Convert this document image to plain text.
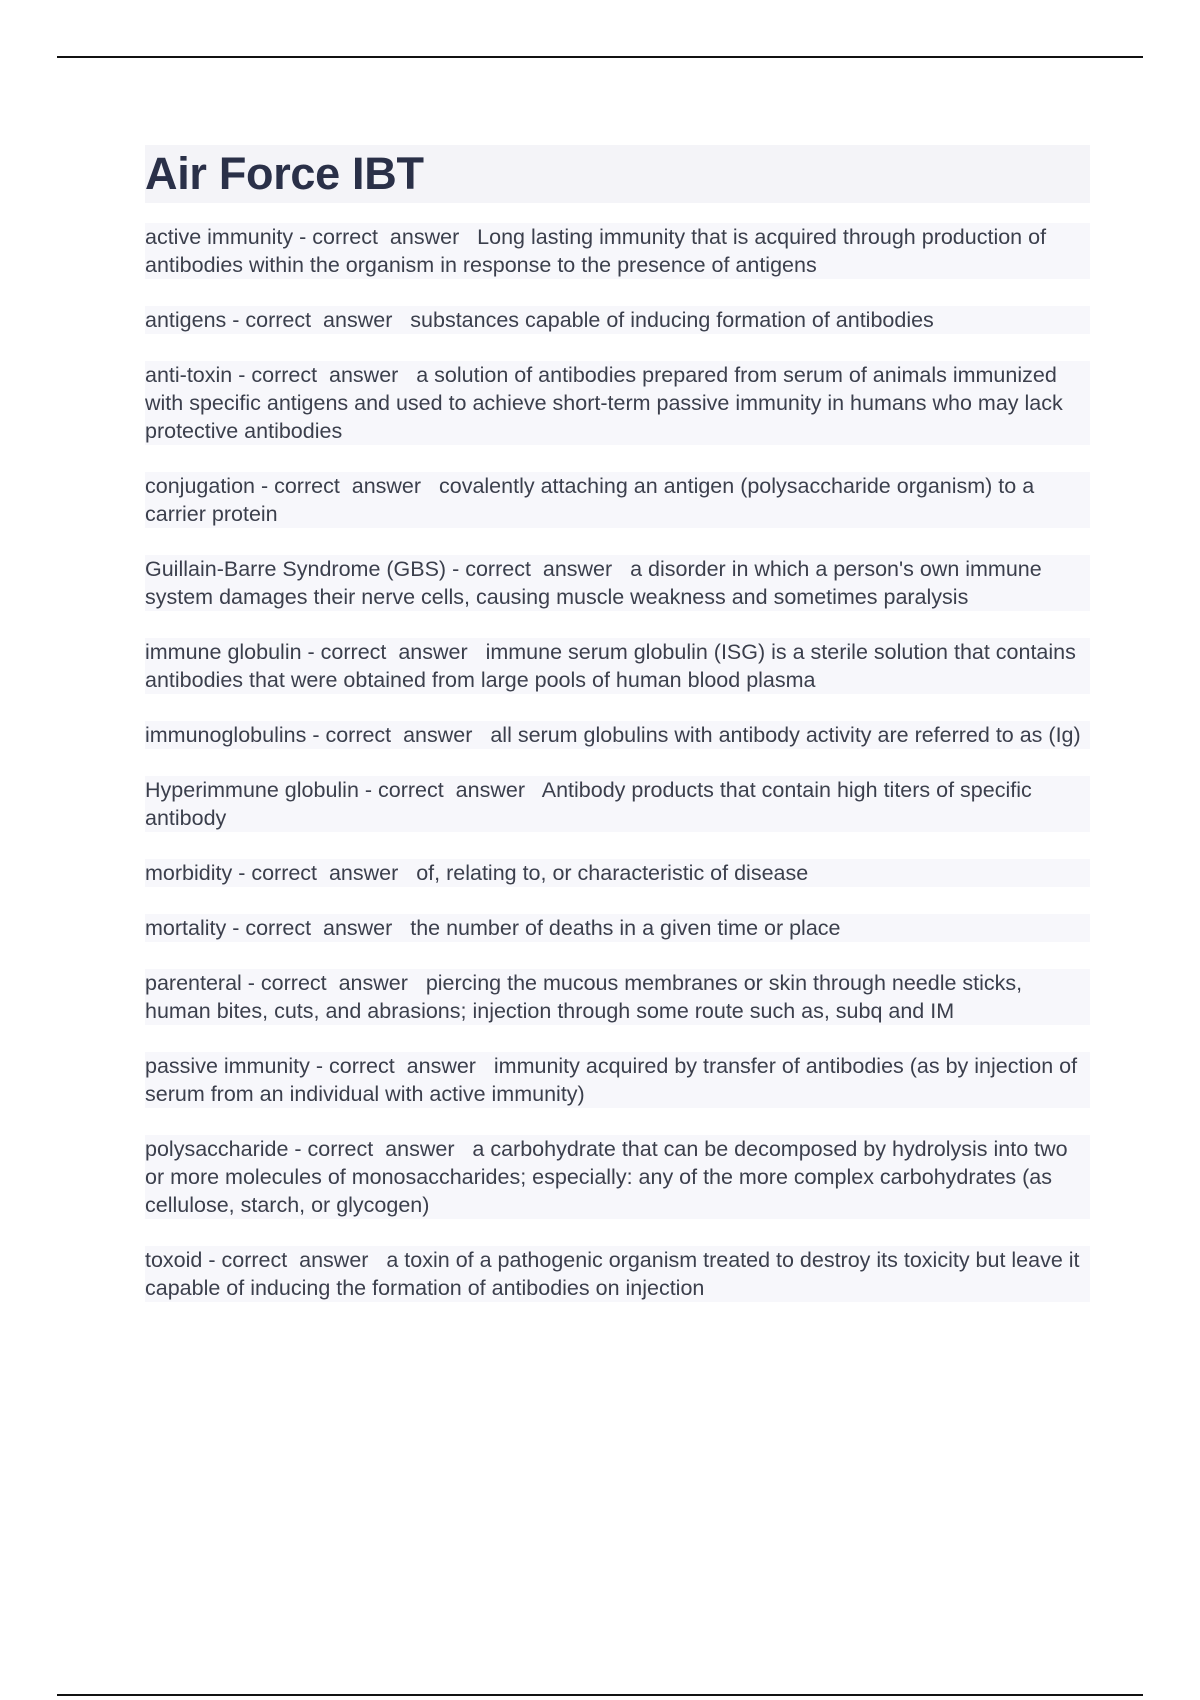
Air Force IBT

active immunity - correct  answer   Long lasting immunity that is acquired through production of antibodies within the organism in response to the presence of antigens

antigens - correct  answer   substances capable of inducing formation of antibodies

anti-toxin - correct  answer   a solution of antibodies prepared from serum of animals immunized with specific antigens and used to achieve short-term passive immunity in humans who may lack protective antibodies

conjugation - correct  answer   covalently attaching an antigen (polysaccharide organism) to a carrier protein

Guillain-Barre Syndrome (GBS) - correct  answer   a disorder in which a person's own immune system damages their nerve cells, causing muscle weakness and sometimes paralysis

immune globulin - correct  answer   immune serum globulin (ISG) is a sterile solution that contains antibodies that were obtained from large pools of human blood plasma

immunoglobulins - correct  answer   all serum globulins with antibody activity are referred to as (Ig)

Hyperimmune globulin - correct  answer   Antibody products that contain high titers of specific antibody

morbidity - correct  answer   of, relating to, or characteristic of disease

mortality - correct  answer   the number of deaths in a given time or place

parenteral - correct  answer   piercing the mucous membranes or skin through needle sticks, human bites, cuts, and abrasions; injection through some route such as, subq and IM

passive immunity - correct  answer   immunity acquired by transfer of antibodies (as by injection of serum from an individual with active immunity)

polysaccharide - correct  answer   a carbohydrate that can be decomposed by hydrolysis into two or more molecules of monosaccharides; especially: any of the more complex carbohydrates (as cellulose, starch, or glycogen)

toxoid - correct  answer   a toxin of a pathogenic organism treated to destroy its toxicity but leave it capable of inducing the formation of antibodies on injection
